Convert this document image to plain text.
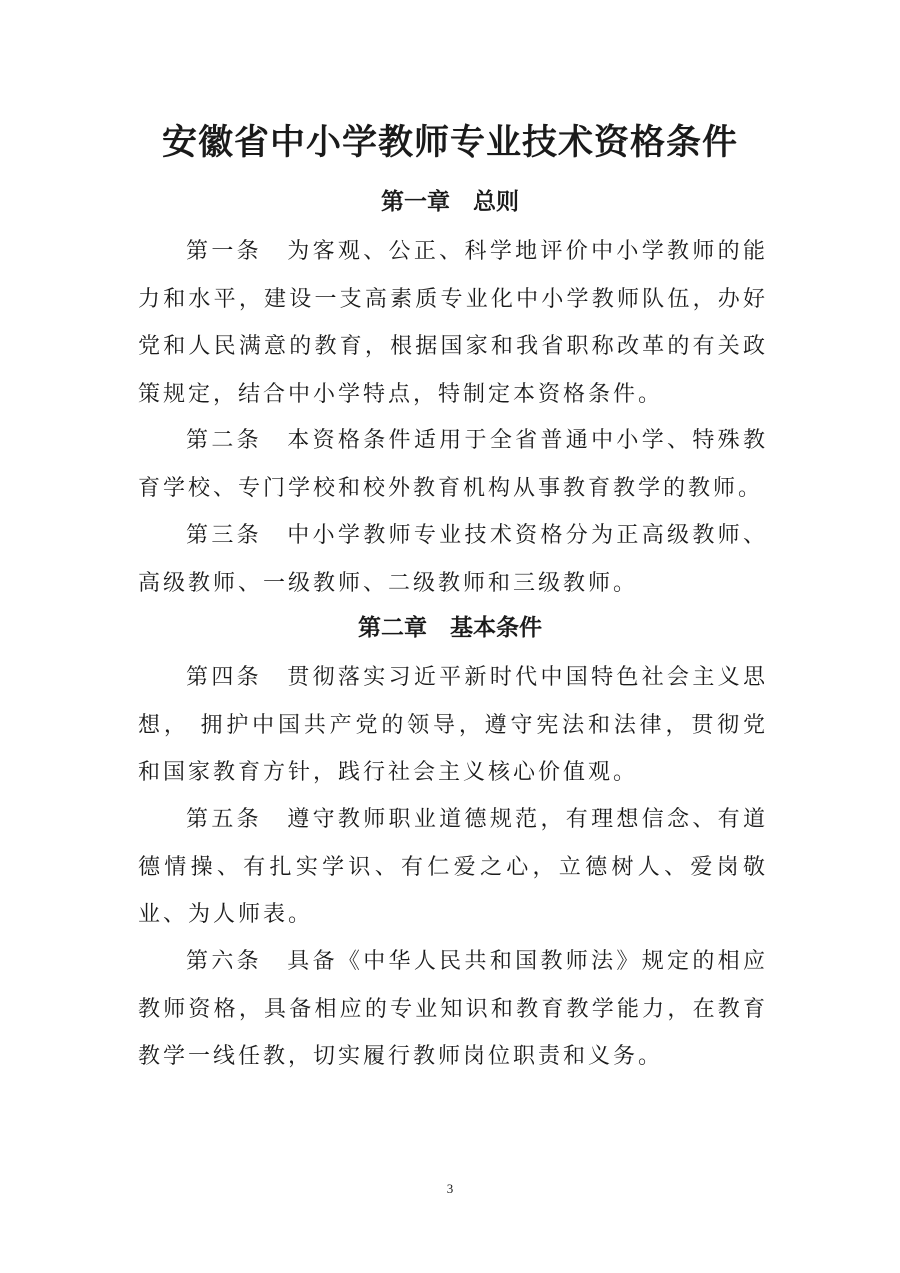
安徽省中小学教师专业技术资格条件
第一章　总则

第一条　为客观、公正、科学地评价中小学教师的能力和水平，建设一支高素质专业化中小学教师队伍，办好党和人民满意的教育，根据国家和我省职称改革的有关政策规定，结合中小学特点，特制定本资格条件。

第二条　本资格条件适用于全省普通中小学、特殊教育学校、专门学校和校外教育机构从事教育教学的教师。

第三条　中小学教师专业技术资格分为正高级教师、高级教师、一级教师、二级教师和三级教师。

第二章　基本条件

第四条　贯彻落实习近平新时代中国特色社会主义思想， 拥护中国共产党的领导，遵守宪法和法律，贯彻党和国家教育方针，践行社会主义核心价值观。

第五条　遵守教师职业道德规范，有理想信念、有道德情操、有扎实学识、有仁爱之心，立德树人、爱岗敬业、为人师表。

第六条　具备《中华人民共和国教师法》规定的相应教师资格，具备相应的专业知识和教育教学能力，在教育教学一线任教，切实履行教师岗位职责和义务。

3
